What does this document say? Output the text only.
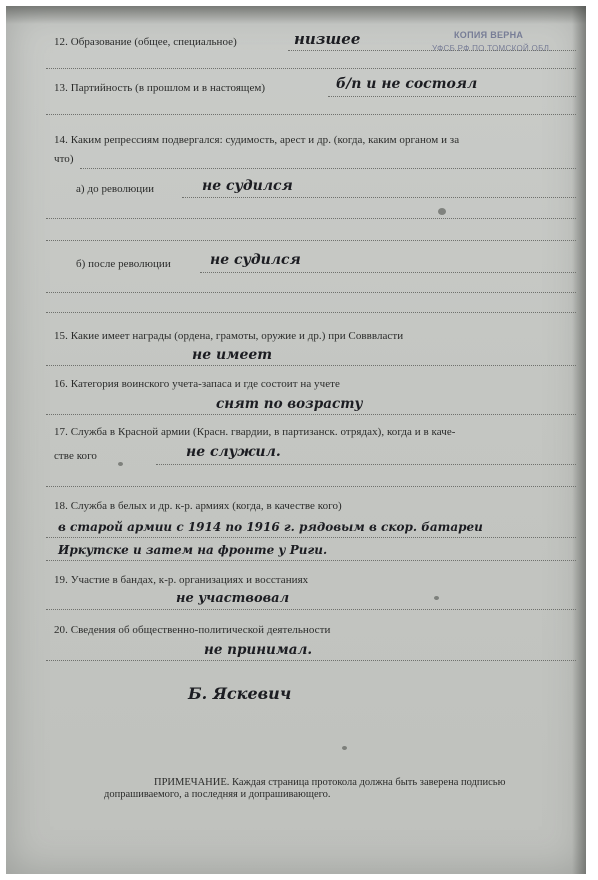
КОПИЯ ВЕРНА
УФСБ РФ ПО ТОМСКОЙ ОБЛ.
12. Образование (общее, специальное)	низшее
13. Партийность (в прошлом и в настоящем)	б/п и не состоял
14. Каким репрессиям подвергался: судимость, арест и др. (когда, каким органом и за
что)
а) до революции	не судился
б) после революции	не судился
15. Какие имеет награды (ордена, грамоты, оружие и др.) при Совввласти
не имеет
16. Категория воинского учета-запаса и где состоит на учете
снят по возрасту
17. Служба в Красной армии (Красн. гвардии, в партизанск. отрядах), когда и в каче-
стве кого	не служил.
18. Служба в белых и др. к-р. армиях (когда, в качестве кого)
в старой армии с 1914 по 1916 г. рядовым в скор. батареи
Иркутске и затем на фронте у Риги.
19. Участие в бандах, к-р. организациях и восстаниях
не участвовал
20. Сведения об общественно-политической деятельности
не принимал.
Б. Яскевич
ПРИМЕЧАНИЕ. Каждая страница протокола должна быть заверена подписью
допрашиваемого, а последняя и допрашивающего.
